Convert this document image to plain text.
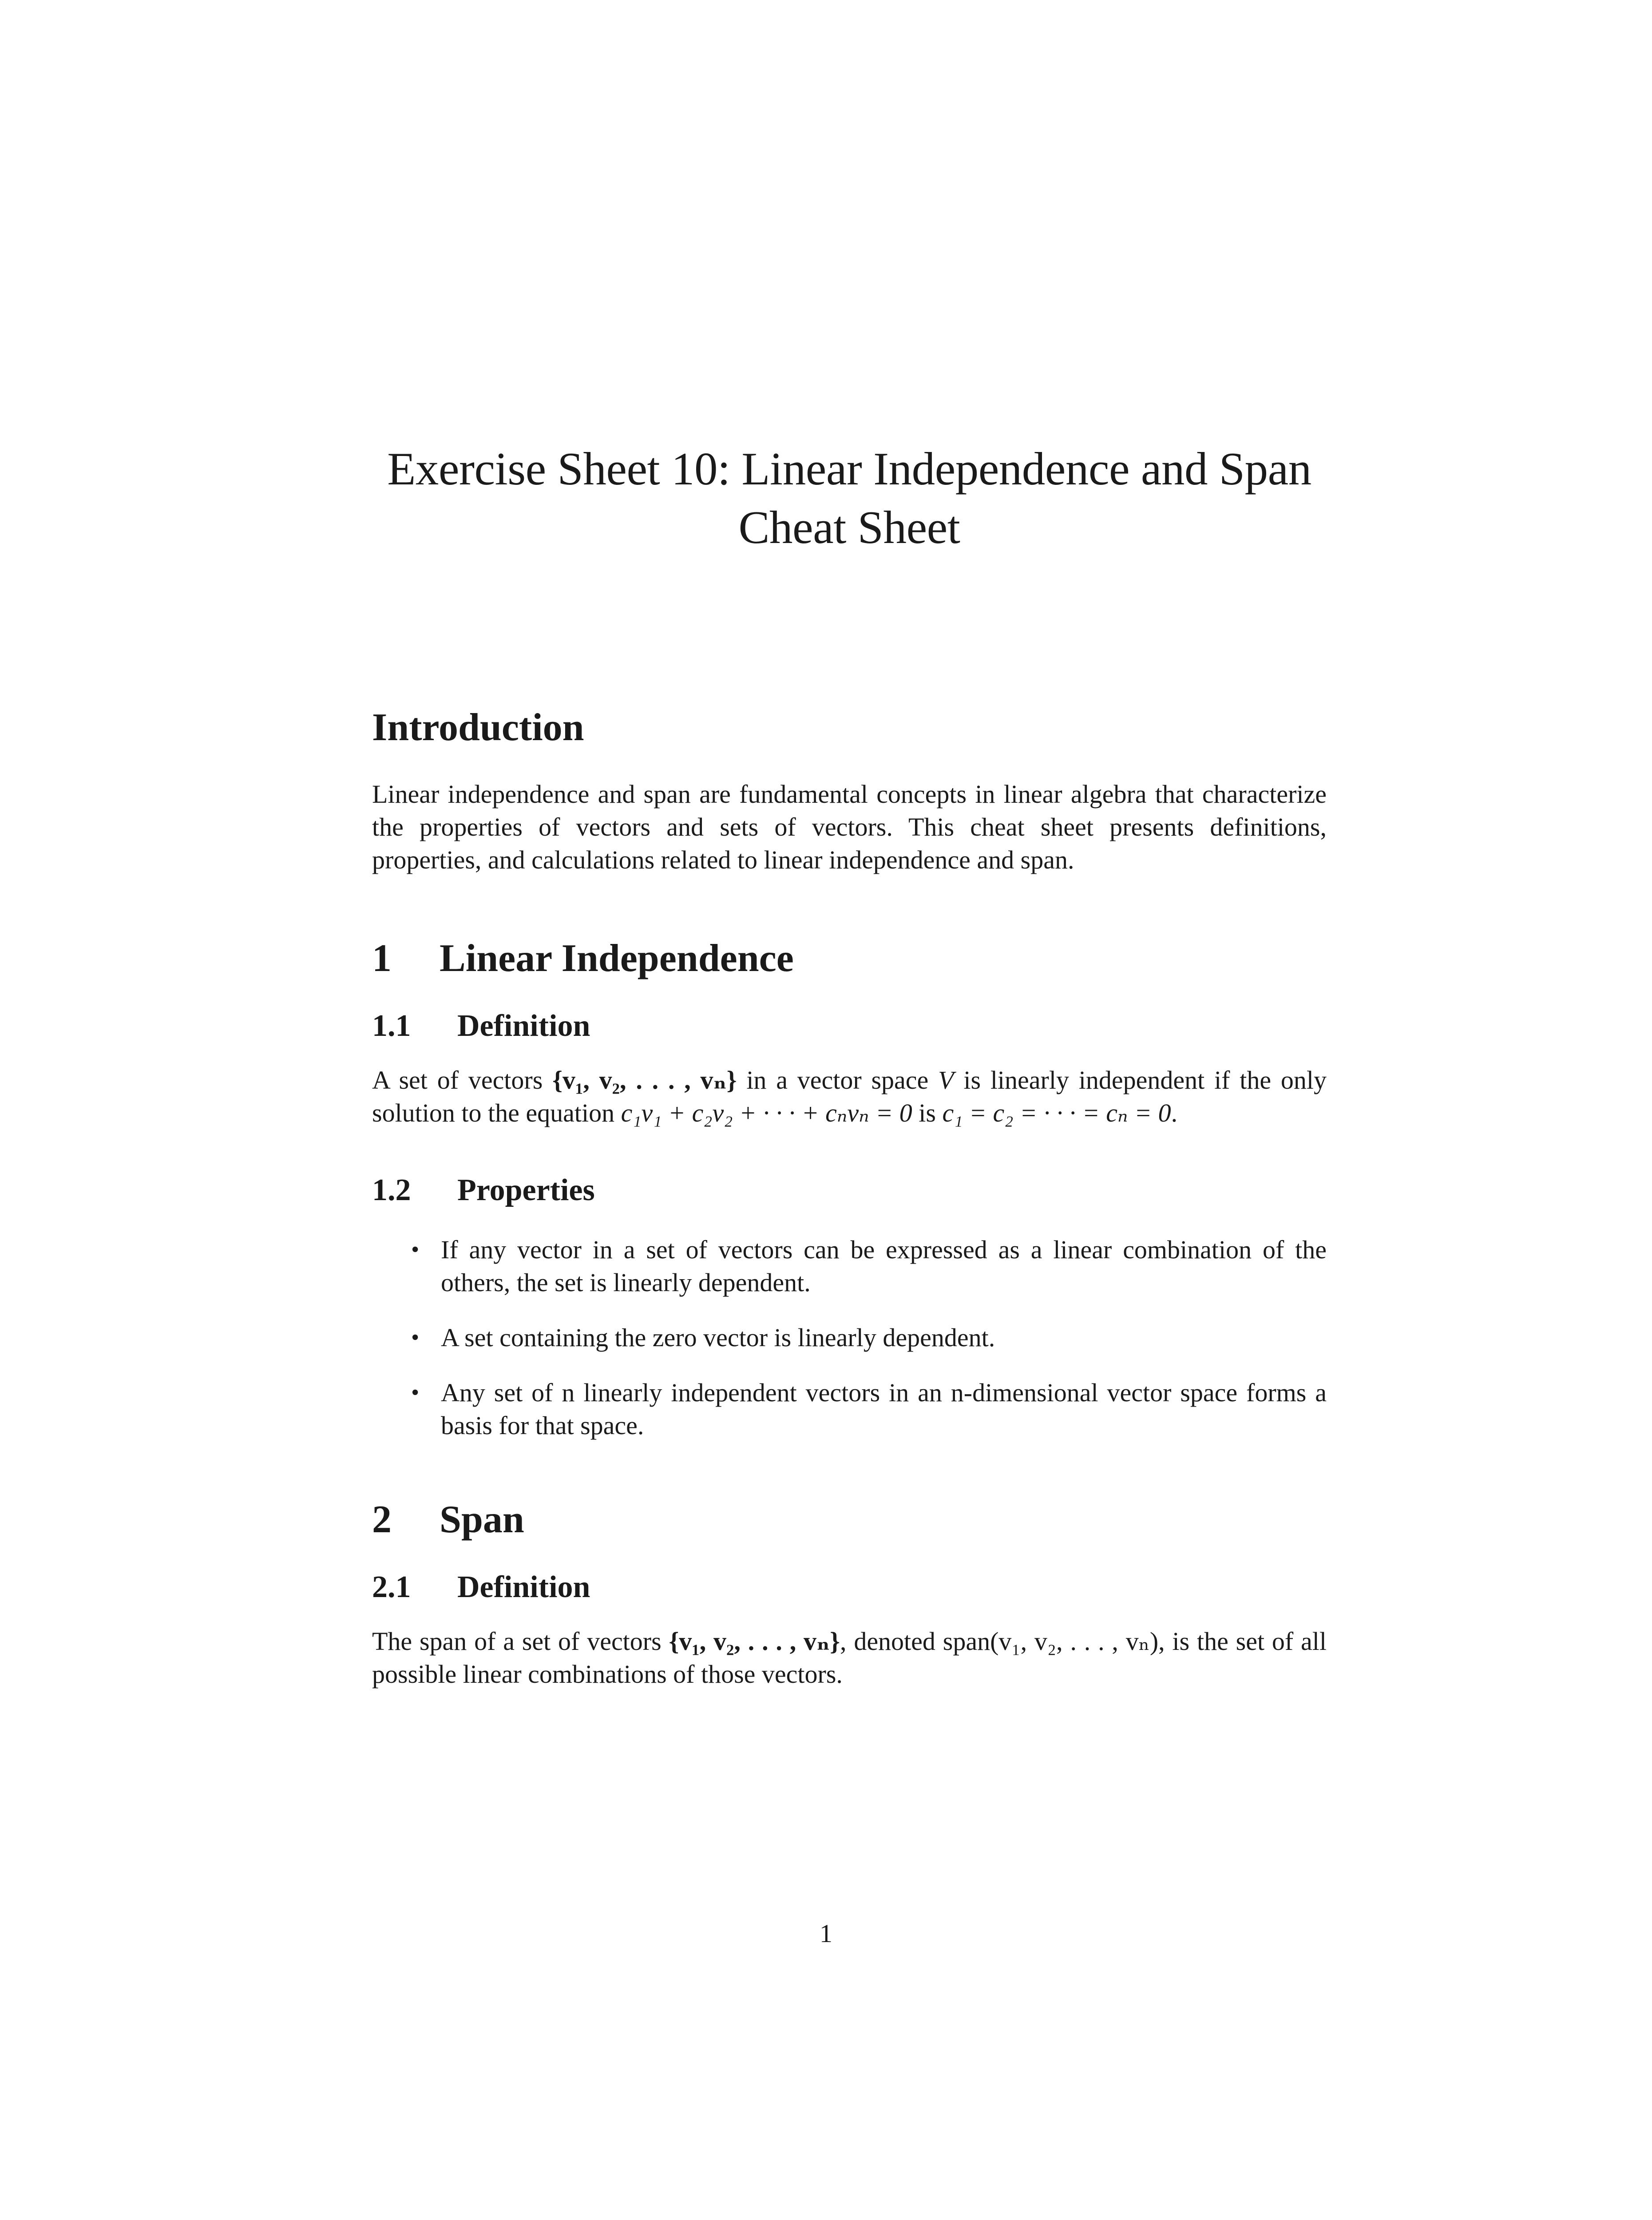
Exercise Sheet 10: Linear Independence and Span
Cheat Sheet
Introduction

Linear independence and span are fundamental concepts in linear algebra that characterize the properties of vectors and sets of vectors. This cheat sheet presents definitions, properties, and calculations related to linear independence and span.

1	Linear Independence
1.1	Definition

A set of vectors {v₁, v₂, . . . , vₙ} in a vector space V is linearly independent if the only solution to the equation c₁v₁ + c₂v₂ + · · · + cₙvₙ = 0 is c₁ = c₂ = · · · = cₙ = 0.

1.2	Properties
• If any vector in a set of vectors can be expressed as a linear combination of the others, the set is linearly dependent.
• A set containing the zero vector is linearly dependent.
• Any set of n linearly independent vectors in an n-dimensional vector space forms a basis for that space.
2	Span
2.1	Definition

The span of a set of vectors {v₁, v₂, . . . , vₙ}, denoted span(v₁, v₂, . . . , vₙ), is the set of all possible linear combinations of those vectors.

1
